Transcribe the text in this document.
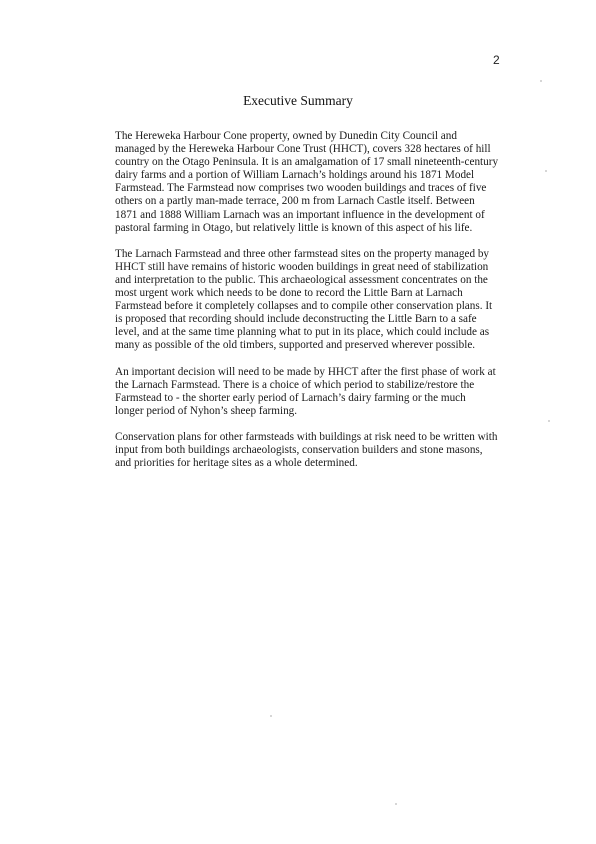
2
Executive Summary

The Hereweka Harbour Cone property, owned by Dunedin City Council and
managed by the Hereweka Harbour Cone Trust (HHCT), covers 328 hectares of hill
country on the Otago Peninsula. It is an amalgamation of 17 small nineteenth-century
dairy farms and a portion of William Larnach’s holdings around his 1871 Model
Farmstead. The Farmstead now comprises two wooden buildings and traces of five
others on a partly man-made terrace, 200 m from Larnach Castle itself. Between
1871 and 1888 William Larnach was an important influence in the development of
pastoral farming in Otago, but relatively little is known of this aspect of his life.

The Larnach Farmstead and three other farmstead sites on the property managed by
HHCT still have remains of historic wooden buildings in great need of stabilization
and interpretation to the public. This archaeological assessment concentrates on the
most urgent work which needs to be done to record the Little Barn at Larnach
Farmstead before it completely collapses and to compile other conservation plans. It
is proposed that recording should include deconstructing the Little Barn to a safe
level, and at the same time planning what to put in its place, which could include as
many as possible of the old timbers, supported and preserved wherever possible.

An important decision will need to be made by HHCT after the first phase of work at
the Larnach Farmstead. There is a choice of which period to stabilize/restore the
Farmstead to - the shorter early period of Larnach’s dairy farming or the much
longer period of Nyhon’s sheep farming.

Conservation plans for other farmsteads with buildings at risk need to be written with
input from both buildings archaeologists, conservation builders and stone masons,
and priorities for heritage sites as a whole determined.
